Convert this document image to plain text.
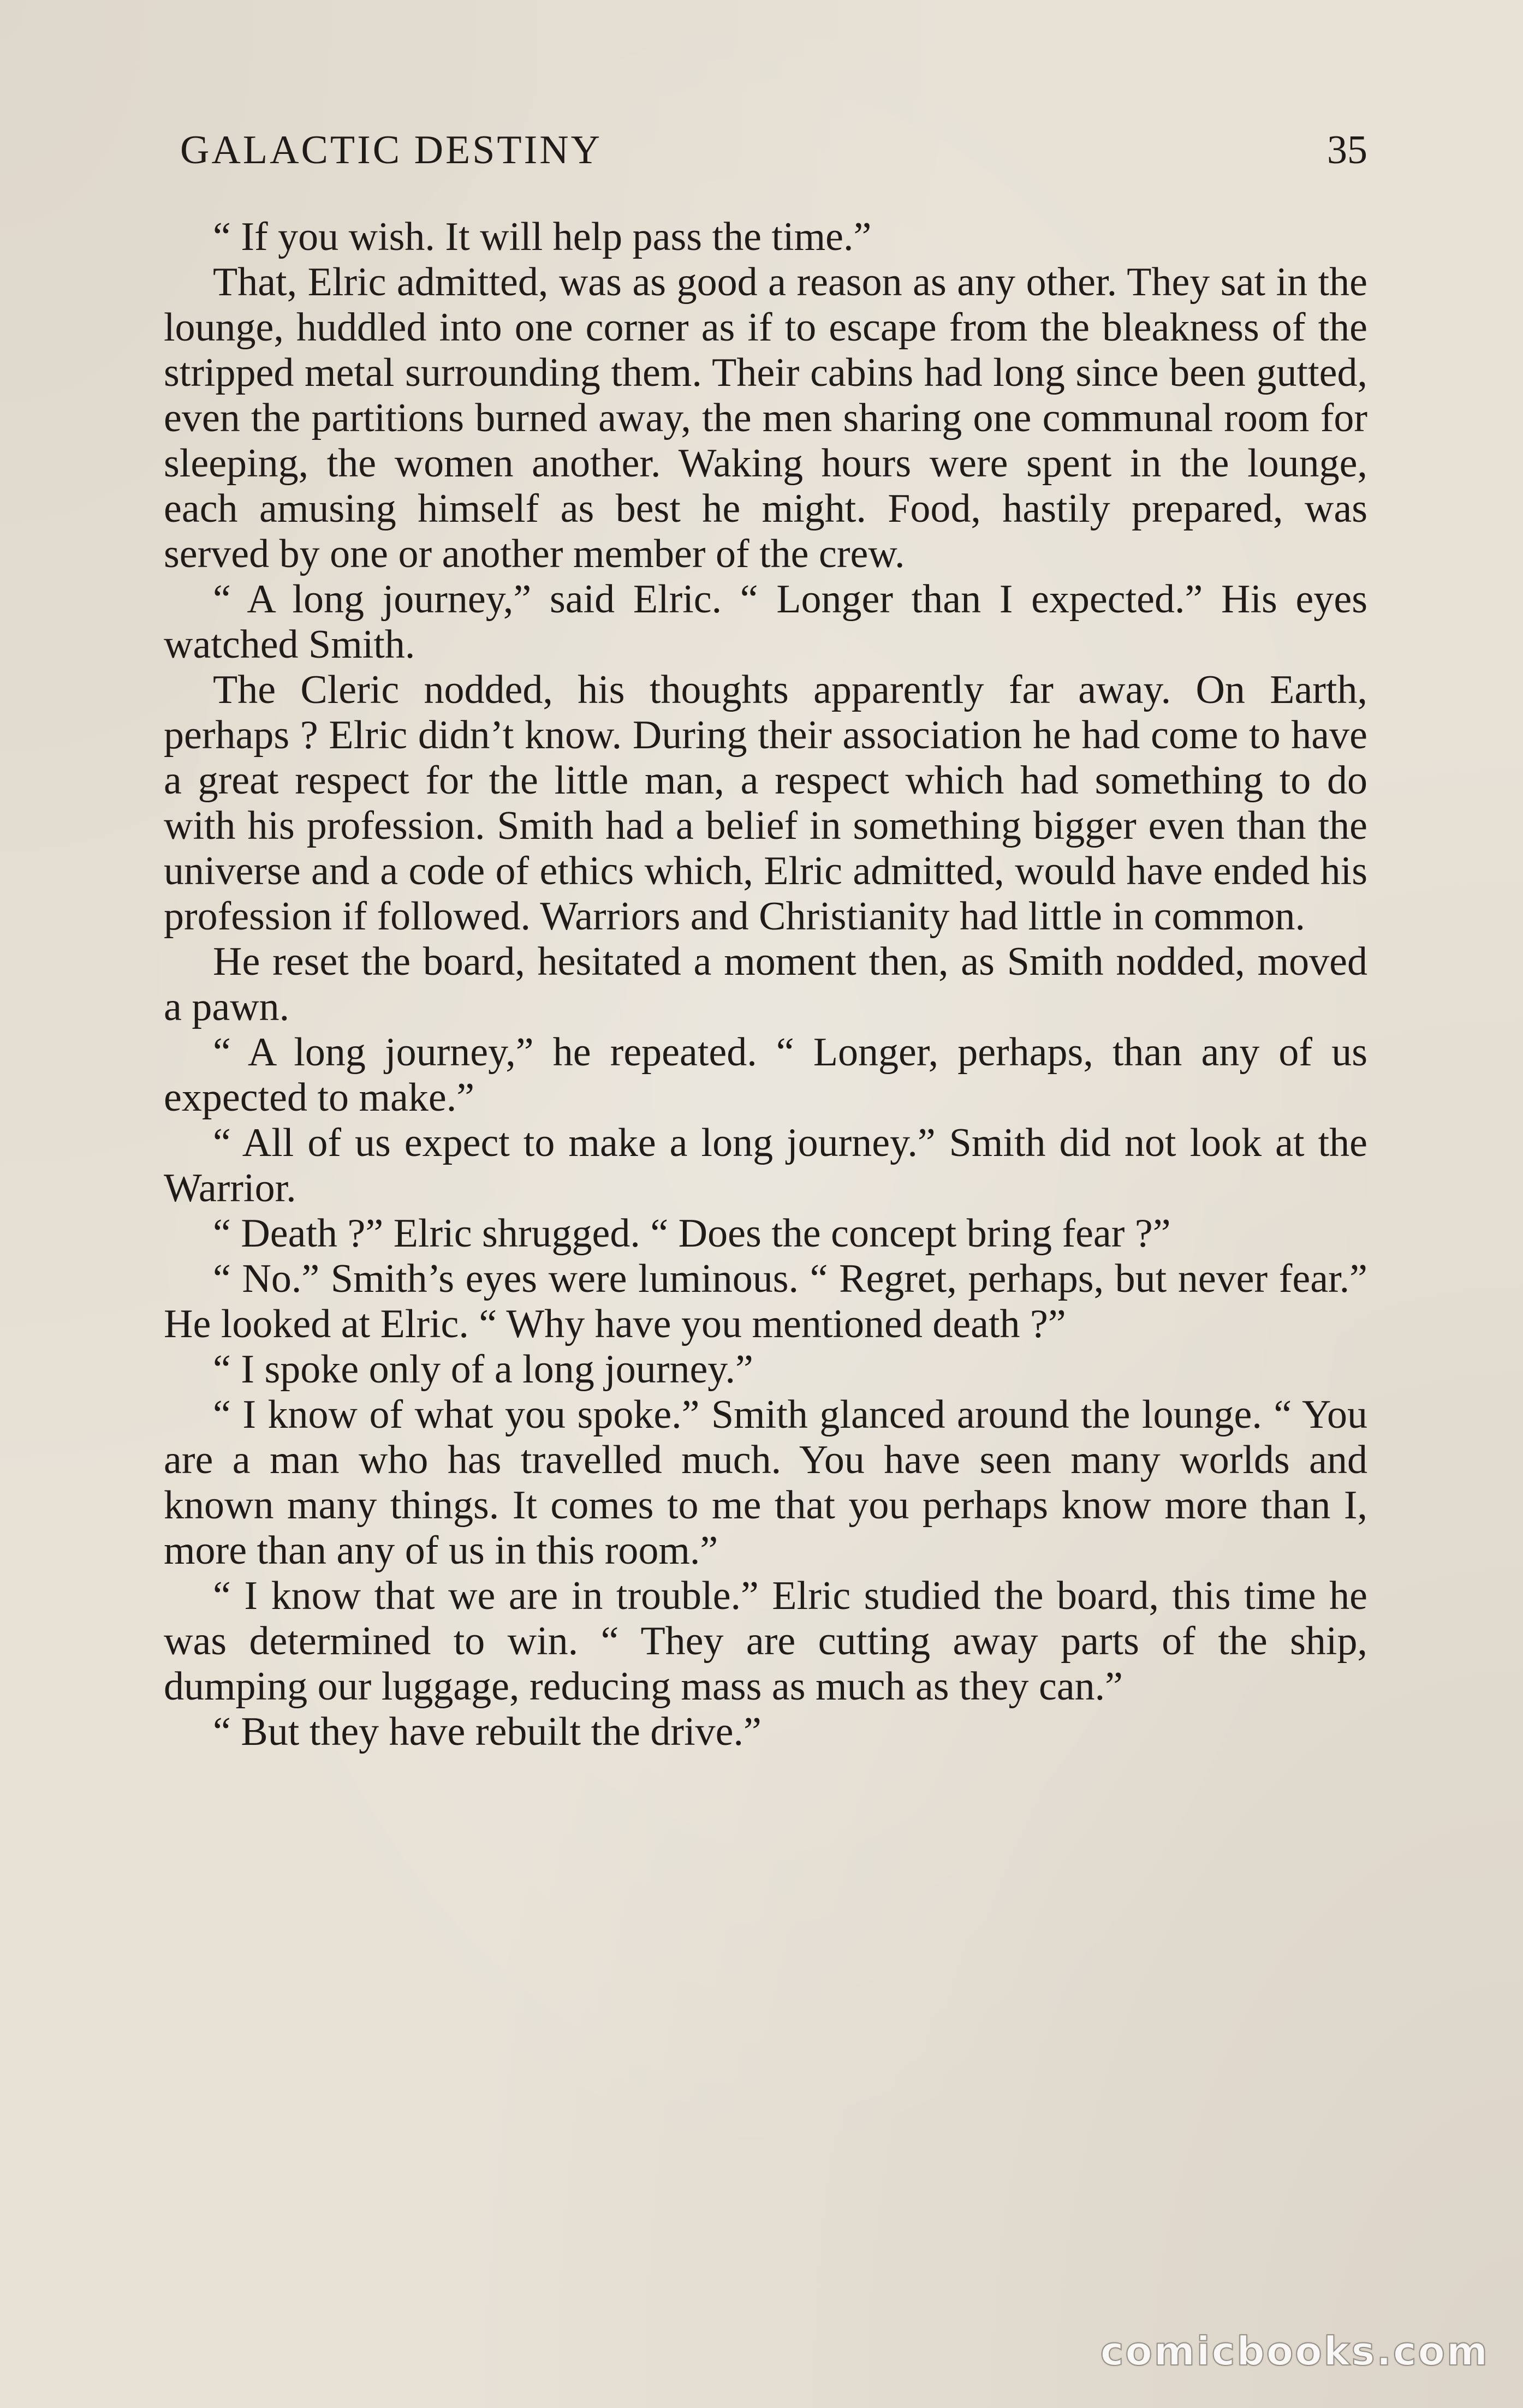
GALACTIC DESTINY	35

“ If you wish. It will help pass the time.”

That, Elric admitted, was as good a reason as any other. They sat in the lounge, huddled into one corner as if to escape from the bleakness of the stripped metal surrounding them. Their cabins had long since been gutted, even the partitions burned away, the men sharing one communal room for sleeping, the women another. Waking hours were spent in the lounge, each amusing himself as best he might. Food, hastily prepared, was served by one or another member of the crew.

“ A long journey,” said Elric. “ Longer than I expected.” His eyes watched Smith.

The Cleric nodded, his thoughts apparently far away. On Earth, perhaps ? Elric didn’t know. During their association he had come to have a great respect for the little man, a respect which had something to do with his profession. Smith had a belief in something bigger even than the universe and a code of ethics which, Elric admitted, would have ended his profession if followed. Warriors and Christianity had little in common.

He reset the board, hesitated a moment then, as Smith nodded, moved a pawn.

“ A long journey,” he repeated. “ Longer, perhaps, than any of us expected to make.”

“ All of us expect to make a long journey.” Smith did not look at the Warrior.

“ Death ?” Elric shrugged. “ Does the concept bring fear ?”

“ No.” Smith’s eyes were luminous. “ Regret, perhaps, but never fear.” He looked at Elric. “ Why have you mentioned death ?”

“ I spoke only of a long journey.”

“ I know of what you spoke.” Smith glanced around the lounge. “ You are a man who has travelled much. You have seen many worlds and known many things. It comes to me that you perhaps know more than I, more than any of us in this room.”

“ I know that we are in trouble.” Elric studied the board, this time he was determined to win. “ They are cutting away parts of the ship, dumping our luggage, reducing mass as much as they can.”

“ But they have rebuilt the drive.”

comicbooks.com
